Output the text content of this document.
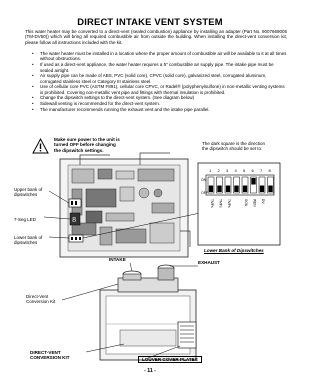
DIRECT INTAKE VENT SYSTEM
This water heater may be converted to a direct-vent (sealed combustion) appliance by installing an adapter (Part No. 9007669005 (TM-DV50)) which will bring all required combustible air from outside the building. When installing the direct-vent conversion kit, please follow all instructions included with the kit.
• The water heater must be installed in a location where the proper amount of combustible air will be available to it at all times without obstructions.
• If used as a direct-vent appliance, the water heater requires a 5" combustible air supply pipe. The intake pipe must be sealed airtight.
• Air supply pipe can be made of ABS, PVC (solid core), CPVC (solid core), galvanized steel, corrugated aluminum, corrugated stainless steel or Category III stainless steel.
• Use of cellular core PVC (ASTM F891), cellular core CPVC, or Radel® (polyphenylsulfone) in non-metallic venting systems is prohibited. Covering non-metallic vent pipe and fittings with thermal insulation is prohibited.
• Change the dipswitch settings to the direct-vent system. (See diagram below)
• Sidewall venting is recommended for the direct-vent system.
• The manufacturer recommends running the exhaust vent and the intake pipe parallel.
8
ON
OFF
1 2 3 4 5 6 7 8
TMPs TMPs TMPs	SOIL WEN DV
Make sure power to the unit is
turned OFF before changing
the dipswitch settings.
The dark square is the direction
the dipswitch should be set to.
Upper bank of
dipswitches
7-Seg LED
Lower bank of
dipswitches
Lower Bank of Dipswitches
INTAKE
EXHAUST
Direct-Vent
Conversion Kit
DIRECT-VENT
CONVERSION KIT	LOUVER COVER PLATES
- 11 -
